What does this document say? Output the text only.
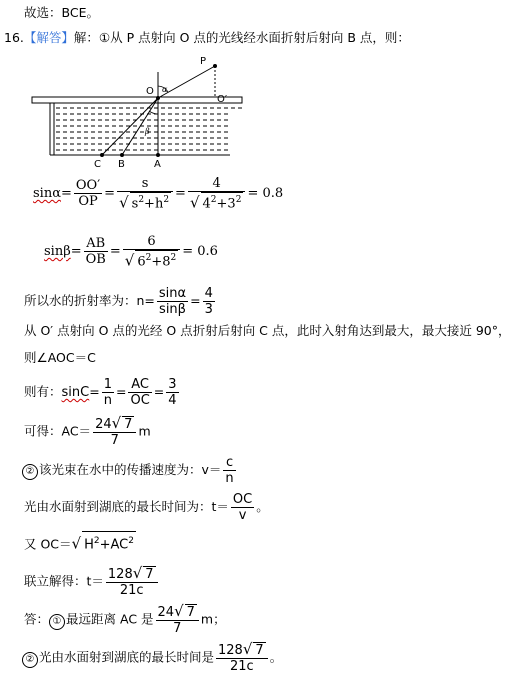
故选：BCE。
16.【解答】解：①从 P 点射向 O 点的光线经水面折射后射向 B 点，则：
P
O
O′
α
β
C B	A
$\sin\alpha= \frac{OO'}{OP} = \frac{s}{√ s^2+h^2} = \frac{4}{√ 4^2+3^2} = 0.8$
$\sin\beta= \frac{AB}{OB} = \frac{6}{√ 6^2+8^2} = 0.6$
所以水的折射率为：$n= \frac{\sin\alpha}{\sin\beta} = \frac{4}{3}$
从 O′ 点射向 O 点的光经 O 点折射后射向 C 点，此时入射角达到最大，最大接近 90°，
则∠AOC＝C
则有：$\sin C= \frac{1}{n} = \frac{AC}{OC} = \frac{3}{4}$
可得：$AC= \frac{24√ 7}{7}$ m
② 该光束在水中的传播速度为：$v= \frac{c}{n}$
光由水面射到湖底的最长时间为：$t= \frac{OC}{v}$ 。
又 OC＝√ $H^2+AC^2$
联立解得：$t= \frac{128√ 7}{21c}$
答： ① 最远距离 AC 是 $\frac{24√ 7}{7}$ m；
② 光由水面射到湖底的最长时间是 $\frac{128√ 7}{21c}$ 。
